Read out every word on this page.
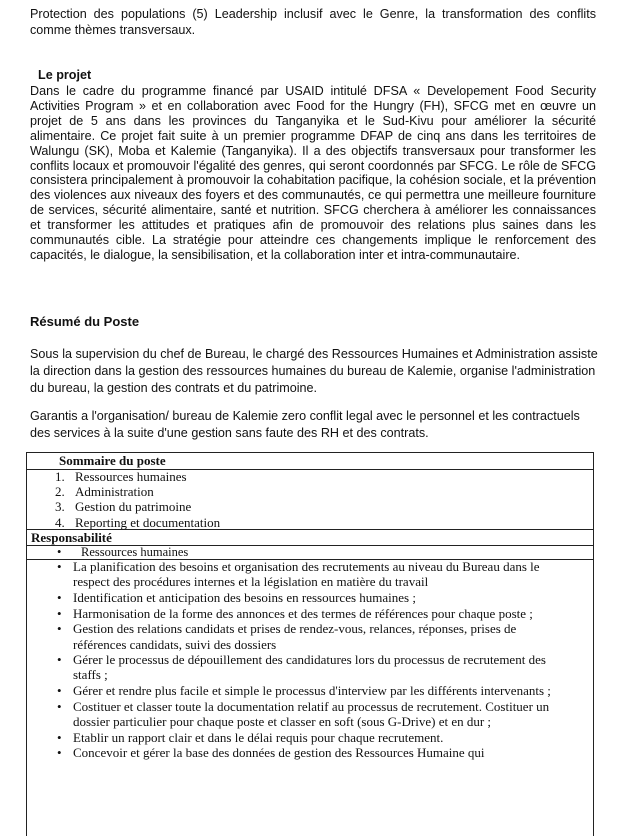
Protection des populations (5) Leadership inclusif avec le Genre, la transformation des conflits comme thèmes transversaux.

Le projet

Dans le cadre du programme financé par USAID intitulé DFSA « Developement Food Security Activities Program » et en collaboration avec Food for the Hungry (FH), SFCG met en œuvre un projet de 5 ans dans les provinces du Tanganyika et le Sud-Kivu pour améliorer la sécurité alimentaire. Ce projet fait suite à un premier programme DFAP de cinq ans dans les territoires de Walungu (SK), Moba et Kalemie (Tanganyika). Il a des objectifs transversaux pour transformer les conflits locaux et promouvoir l'égalité des genres, qui seront coordonnés par SFCG. Le rôle de SFCG consistera principalement à promouvoir la cohabitation pacifique, la cohésion sociale, et la prévention des violences aux niveaux des foyers et des communautés, ce qui permettra une meilleure fourniture de services, sécurité alimentaire, santé et nutrition. SFCG cherchera à améliorer les connaissances et transformer les attitudes et pratiques afin de promouvoir des relations plus saines dans les communautés cible. La stratégie pour atteindre ces changements implique le renforcement des capacités, le dialogue, la sensibilisation, et la collaboration inter et intra-communautaire.

Résumé du Poste

Sous la supervision du chef de Bureau, le chargé des Ressources Humaines et Administration assiste la direction dans la gestion des ressources humaines du bureau de Kalemie, organise l'administration du bureau, la gestion des contrats et du patrimoine.

Garantis a l'organisation/ bureau de Kalemie zero conflit legal avec le personnel et les contractuels des services à la suite d'une gestion sans faute des RH et des contrats.

Sommaire du poste
1. Ressources humaines
2. Administration
3. Gestion du patrimoine
4. Reporting et documentation
Responsabilité
• Ressources humaines
• La planification des besoins et organisation des recrutements au niveau du Bureau dans le respect des procédures internes et la législation en matière du travail
• Identification et anticipation des besoins en ressources humaines ;
• Harmonisation de la forme des annonces et des termes de références pour chaque poste ;
• Gestion des relations candidats et prises de rendez-vous, relances, réponses, prises de références candidats, suivi des dossiers
• Gérer le processus de dépouillement des candidatures lors du processus de recrutement des staffs ;
• Gérer et rendre plus facile et simple le processus d'interview par les différents intervenants ;
• Costituer et classer toute la documentation relatif au processus de recrutement. Costituer un dossier particulier pour chaque poste et classer en soft (sous G-Drive) et en dur ;
• Etablir un rapport clair et dans le délai requis pour chaque recrutement.
• Concevoir et gérer la base des données de gestion des Ressources Humaine qui
